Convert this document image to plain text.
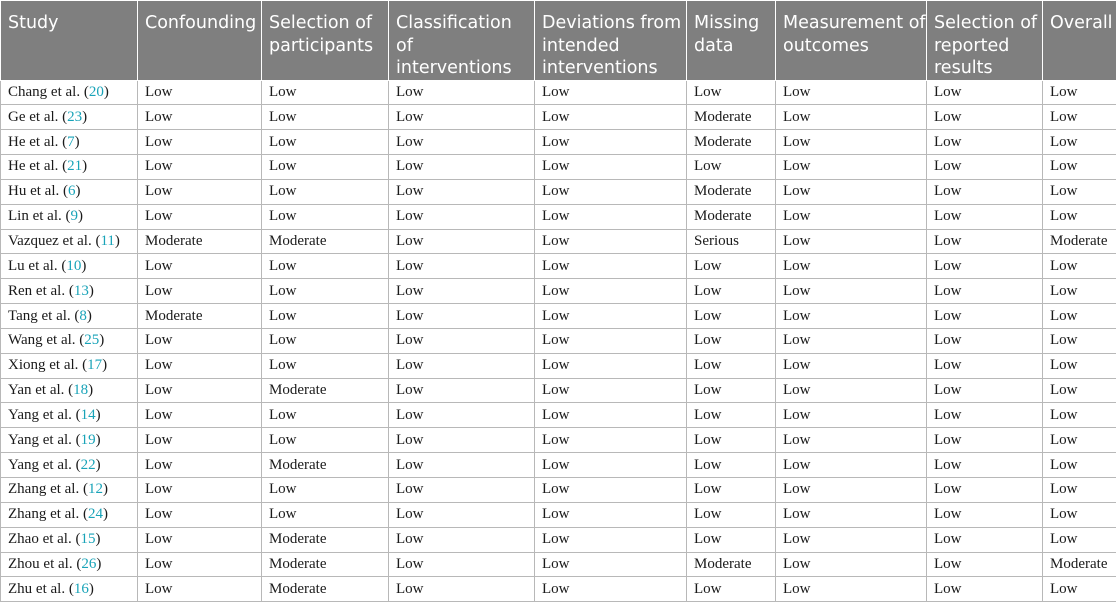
Study	Confounding	Selection of participants	Classification of interventions	Deviations from intended interventions	Missing data	Measurement of outcomes	Selection of reported results	Overall
Chang et al. (20)	Low	Low	Low	Low	Low	Low	Low	Low
Ge et al. (23)	Low	Low	Low	Low	Moderate	Low	Low	Low
He et al. (7)	Low	Low	Low	Low	Moderate	Low	Low	Low
He et al. (21)	Low	Low	Low	Low	Low	Low	Low	Low
Hu et al. (6)	Low	Low	Low	Low	Moderate	Low	Low	Low
Lin et al. (9)	Low	Low	Low	Low	Moderate	Low	Low	Low
Vazquez et al. (11)	Moderate	Moderate	Low	Low	Serious	Low	Low	Moderate
Lu et al. (10)	Low	Low	Low	Low	Low	Low	Low	Low
Ren et al. (13)	Low	Low	Low	Low	Low	Low	Low	Low
Tang et al. (8)	Moderate	Low	Low	Low	Low	Low	Low	Low
Wang et al. (25)	Low	Low	Low	Low	Low	Low	Low	Low
Xiong et al. (17)	Low	Low	Low	Low	Low	Low	Low	Low
Yan et al. (18)	Low	Moderate	Low	Low	Low	Low	Low	Low
Yang et al. (14)	Low	Low	Low	Low	Low	Low	Low	Low
Yang et al. (19)	Low	Low	Low	Low	Low	Low	Low	Low
Yang et al. (22)	Low	Moderate	Low	Low	Low	Low	Low	Low
Zhang et al. (12)	Low	Low	Low	Low	Low	Low	Low	Low
Zhang et al. (24)	Low	Low	Low	Low	Low	Low	Low	Low
Zhao et al. (15)	Low	Moderate	Low	Low	Low	Low	Low	Low
Zhou et al. (26)	Low	Moderate	Low	Low	Moderate	Low	Low	Moderate
Zhu et al. (16)	Low	Moderate	Low	Low	Low	Low	Low	Low
